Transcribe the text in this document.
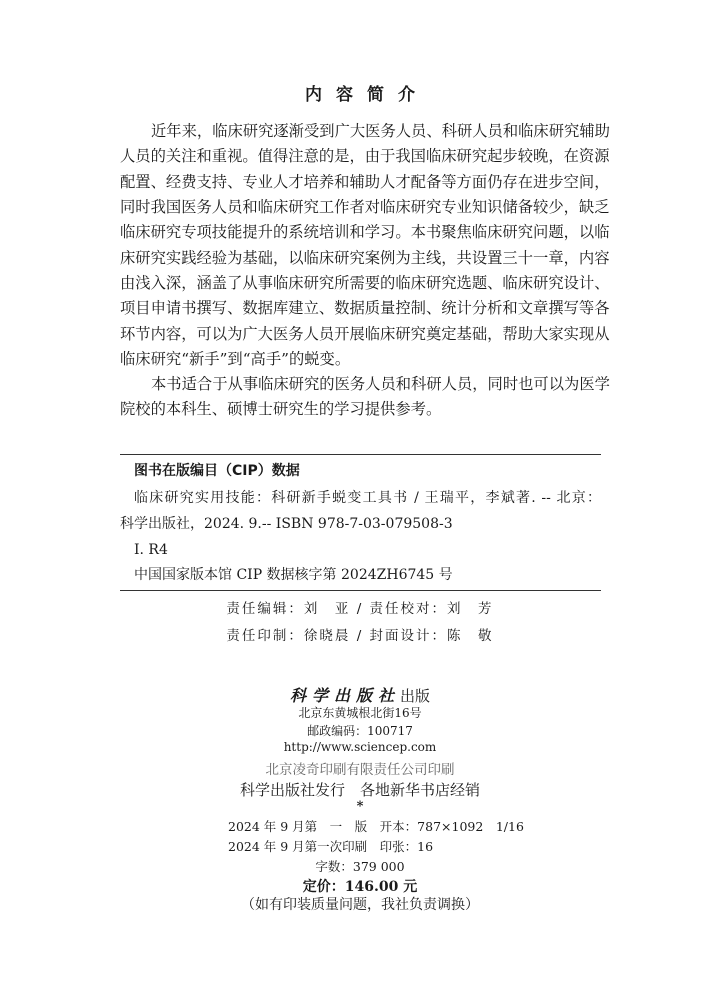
内容简介
近年来，临床研究逐渐受到广大医务人员、科研人员和临床研究辅助
人员的关注和重视。值得注意的是，由于我国临床研究起步较晚，在资源
配置、经费支持、专业人才培养和辅助人才配备等方面仍存在进步空间，
同时我国医务人员和临床研究工作者对临床研究专业知识储备较少，缺乏
临床研究专项技能提升的系统培训和学习。本书聚焦临床研究问题，以临
床研究实践经验为基础，以临床研究案例为主线，共设置三十一章，内容
由浅入深，涵盖了从事临床研究所需要的临床研究选题、临床研究设计、
项目申请书撰写、数据库建立、数据质量控制、统计分析和文章撰写等各
环节内容，可以为广大医务人员开展临床研究奠定基础，帮助大家实现从
临床研究“新手”到“高手”的蜕变。
本书适合于从事临床研究的医务人员和科研人员，同时也可以为医学
院校的本科生、硕博士研究生的学习提供参考。
图书在版编目（CIP）数据
临床研究实用技能：科研新手蜕变工具书 / 王瑞平，李斌著. -- 北京：
科学出版社，2024. 9.-- ISBN 978-7-03-079508-3
Ⅰ. R4
中国国家版本馆 CIP 数据核字第 2024ZH6745 号
责任编辑：刘　亚 / 责任校对：刘　芳
责任印制：徐晓晨 / 封面设计：陈　敬
科学出版社出版
北京东黄城根北街16号
邮政编码：100717
http://www.sciencep.com
北京凌奇印刷有限责任公司印刷
科学出版社发行　各地新华书店经销
*
2024 年 9 月第　一　版　开本：787×1092　1/16
2024 年 9 月第一次印刷　印张：16
字数：379 000
定价：146.00 元
（如有印装质量问题，我社负责调换）
